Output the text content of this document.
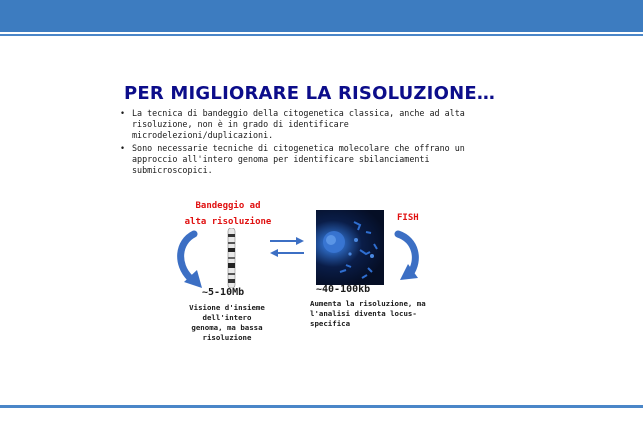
PER MIGLIORARE LA RISOLUZIONE…
• La tecnica di bandeggio della citogenetica classica, anche ad alta risoluzione, non è in grado di identificare microdelezioni/duplicazioni.
• Sono necessarie tecniche di citogenetica molecolare che offrano un approccio all'intero genoma per identificare sbilanciamenti submicroscopici.
Bandeggio ad alta risoluzione	FISH
~5-10Mb	~40-100kb
Visione d'insieme dell'intero genoma, ma bassa risoluzione
Aumenta la risoluzione, ma l'analisi diventa locus-specifica
